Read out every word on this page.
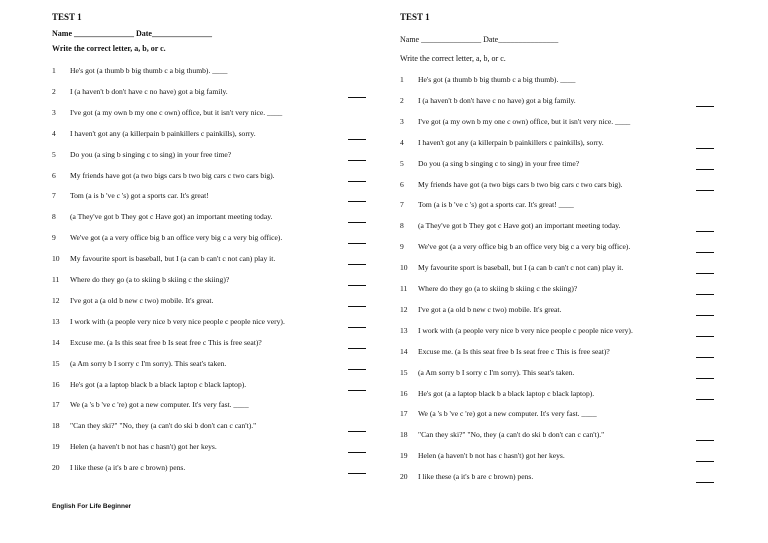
TEST 1
Name _______________ Date_______________
Write the correct letter, a, b, or c.
1	He's got (a thumb b big thumb c a big thumb). ____
2	I (a haven't b don't have c no have) got a big family.
3	I've got (a my own b my one c own) office, but it isn't very nice. ____
4	I haven't got any (a killerpain b painkillers c painkills), sorry.
5	Do you (a sing b singing c to sing) in your free time?
6	My friends have got (a two bigs cars b two big cars c two cars big).
7	Tom (a is b 've c 's) got a sports car. It's great!
8	(a They've got b They got c Have got) an important meeting today.
9	We've got (a a very office big b an office very big c a very big office).
10	My favourite sport is baseball, but I (a can b can't c not can) play it.
11	Where do they go (a to skiing b skiing c the skiing)?
12	I've got a (a old b new c two) mobile. It's great.
13	I work with (a people very nice b very nice people c people nice very).
14	Excuse me. (a Is this seat free b Is seat free c This is free seat)?
15	(a Am sorry b I sorry c I'm sorry). This seat's taken.
16	He's got (a a laptop black b a black laptop c black laptop).
17	We (a 's b 've c 're) got a new computer. It's very fast. ____
18	"Can they ski?" "No, they (a can't do ski b don't can c can't)."
19	Helen (a haven't b not has c hasn't) got her keys.
20	I like these (a it's b are c brown) pens.
English For Life Beginner
TEST 1
Name _______________ Date_______________
Write the correct letter, a, b, or c.
1	He's got (a thumb b big thumb c a big thumb). ____
2	I (a haven't b don't have c no have) got a big family.
3	I've got (a my own b my one c own) office, but it isn't very nice. ____
4	I haven't got any (a killerpain b painkillers c painkills), sorry.
5	Do you (a sing b singing c to sing) in your free time?
6	My friends have got (a two bigs cars b two big cars c two cars big).
7	Tom (a is b 've c 's) got a sports car. It's great! ____
8	(a They've got b They got c Have got) an important meeting today.
9	We've got (a a very office big b an office very big c a very big office).
10	My favourite sport is baseball, but I (a can b can't c not can) play it.
11	Where do they go (a to skiing b skiing c the skiing)?
12	I've got a (a old b new c two) mobile. It's great.
13	I work with (a people very nice b very nice people c people nice very).
14	Excuse me. (a Is this seat free b Is seat free c This is free seat)?
15	(a Am sorry b I sorry c I'm sorry). This seat's taken.
16	He's got (a a laptop black b a black laptop c black laptop).
17	We (a 's b 've c 're) got a new computer. It's very fast. ____
18	"Can they ski?" "No, they (a can't do ski b don't can c can't)."
19	Helen (a haven't b not has c hasn't) got her keys.
20	I like these (a it's b are c brown) pens.
